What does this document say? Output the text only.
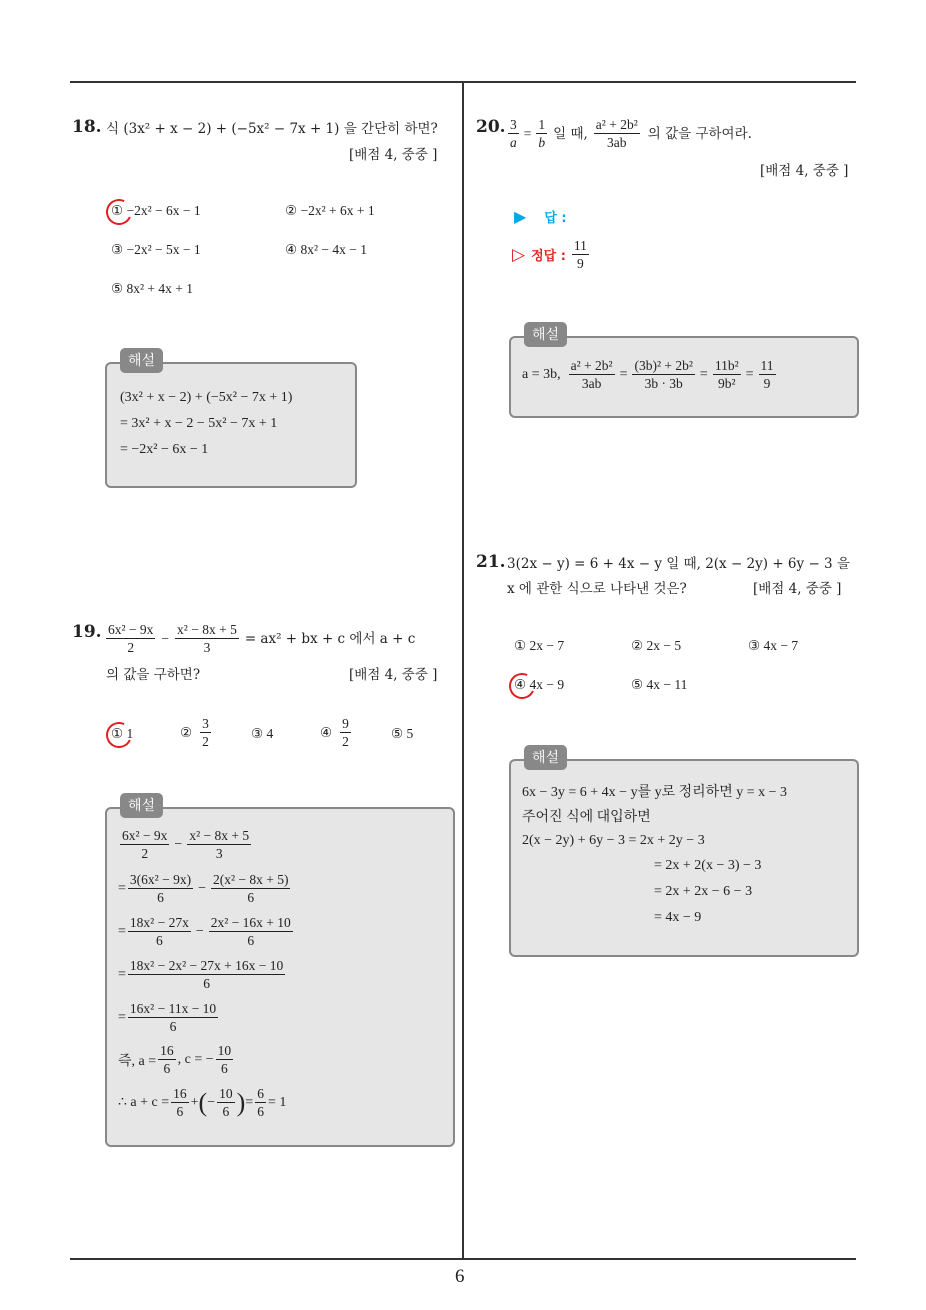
6
18. 식 (3x² + x − 2) + (−5x² − 7x + 1) 을 간단히 하면?
[배점 4, 중중 ]
① −2x² − 6x − 1	② −2x² + 6x + 1
③ −2x² − 5x − 1	④ 8x² − 4x − 1
⑤ 8x² + 4x + 1
해설
(3x² + x − 2) + (−5x² − 7x + 1)
= 3x² + x − 2 − 5x² − 7x + 1
= −2x² − 6x − 1
19. $\frac{\text{6x² − 9x}}{2} - \frac{\text{x² − 8x + 5}}{3} = ax^2$ + bx + c 에서 a + c
의 값을 구하면?	[배점 4, 중중 ]
① 1	② $\frac{3}{2}$	③ 4	④ $\frac{9}{2}$	⑤ 5
해설
$\frac{\text{6x² − 9x}}{2} - \frac{\text{x² − 8x + 5}}{3}$
= $\frac{\text{3(6x² − 9x)}}{6} - \frac{\text{2(x² − 8x + 5)}}{6}$
= $\frac{\text{18x² − 27x}}{6} - \frac{\text{2x² − 16x + 10}}{6}$
= $\frac{\text{18x² − 2x² − 27x + 16x − 10}}{6}$
= $\frac{\text{16x² − 11x − 10}}{6}$
즉, $a = \frac{16}{6}$ , c = − $\frac{10}{6}$
∴ $a + c = \frac{16}{6}$ + ( − $\frac{10}{6}$ ) = $\frac{6}{6} = 1$
20. $\frac{3}{a} = \frac{1}{b}$ 일 때, $\frac{\text{a² + 2b²}}{3ab}$ 의 값을 구하여라.
[배점 4, 중중 ]
▶ 답 :
▷ 정답 : $\frac{11}{9}$
해설
a = 3b, $\frac{\text{a² + 2b²}}{3ab} = \frac{\text{(3b)² + 2b²}}{3b \cdot 3b} = \frac{\text{11b²}}{\text{9b²}} = \frac{11}{9}$
21. 3(2x − y) = 6 + 4x − y 일 때, 2(x − 2y) + 6y − 3 을
x 에 관한 식으로 나타낸 것은?	[배점 4, 중중 ]
① 2x − 7	② 2x − 5	③ 4x − 7
④ 4x − 9	⑤ 4x − 11
해설
6x − 3y = 6 + 4x − y를 y로 정리하면 y = x − 3
주어진 식에 대입하면
2(x − 2y) + 6y − 3 = 2x + 2y − 3
= 2x + 2(x − 3) − 3
= 2x + 2x − 6 − 3
= 4x − 9
